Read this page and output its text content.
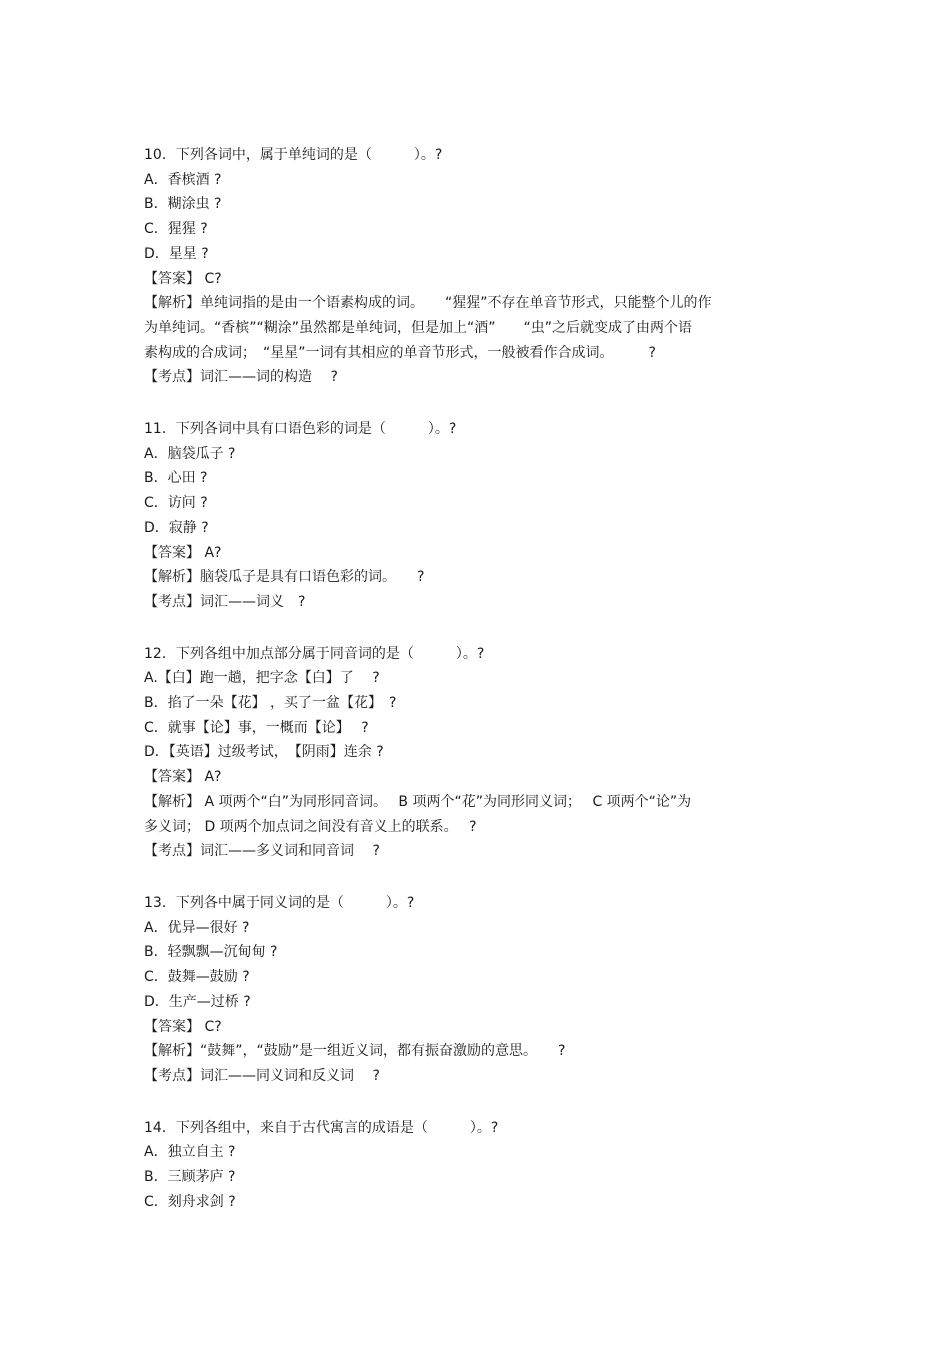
10．下列各词中，属于单纯词的是（　　　）。?

A．香槟酒 ?

B．糊涂虫 ?

C．猩猩 ?

D．星星 ?

【答案】 C?

【解析】单纯词指的是由一个语素构成的词。　　“猩猩”不存在单音节形式，只能整个儿的作

为单纯词。“香槟”“糊涂”虽然都是单纯词，但是加上“酒”　　“虫”之后就变成了由两个语

素构成的合成词；　“星星”一词有其相应的单音节形式，一般被看作合成词。　　　?

【考点】词汇——词的构造　 ?

11．下列各词中具有口语色彩的词是（　　　）。?

A．脑袋瓜子 ?

B．心田 ?

C．访问 ?

D．寂静 ?

【答案】 A?

【解析】脑袋瓜子是具有口语色彩的词。　　?

【考点】词汇——词义　?

12．下列各组中加点部分属于同音词的是（　　　）。?

A.【白】跑一趟，把字念【白】了　 ?

B．掐了一朵【花】 ，买了一盆【花】　?

C．就事【论】事，一概而【论】　 ?

D．【英语】过级考试，　【阴雨】连余 ?

【答案】 A?

【解析】 A 项两个“白”为同形同音词。　 B 项两个“花”为同形同义词；　 C 项两个“论”为

多义词； D 项两个加点词之间没有音义上的联系。　 ?

【考点】词汇——多义词和同音词　 ?

13．下列各中属于同义词的是（　　　）。?

A．优异—很好 ?

B．轻飘飘—沉甸甸 ?

C．鼓舞—鼓励 ?

D．生产—过桥 ?

【答案】 C?

【解析】“鼓舞”，“鼓励”是一组近义词，都有振奋激励的意思。　　?

【考点】词汇——同义词和反义词　 ?

14．下列各组中，来自于古代寓言的成语是（　　　）。?

A．独立自主 ?

B．三顾茅庐 ?

C．刻舟求剑 ?
